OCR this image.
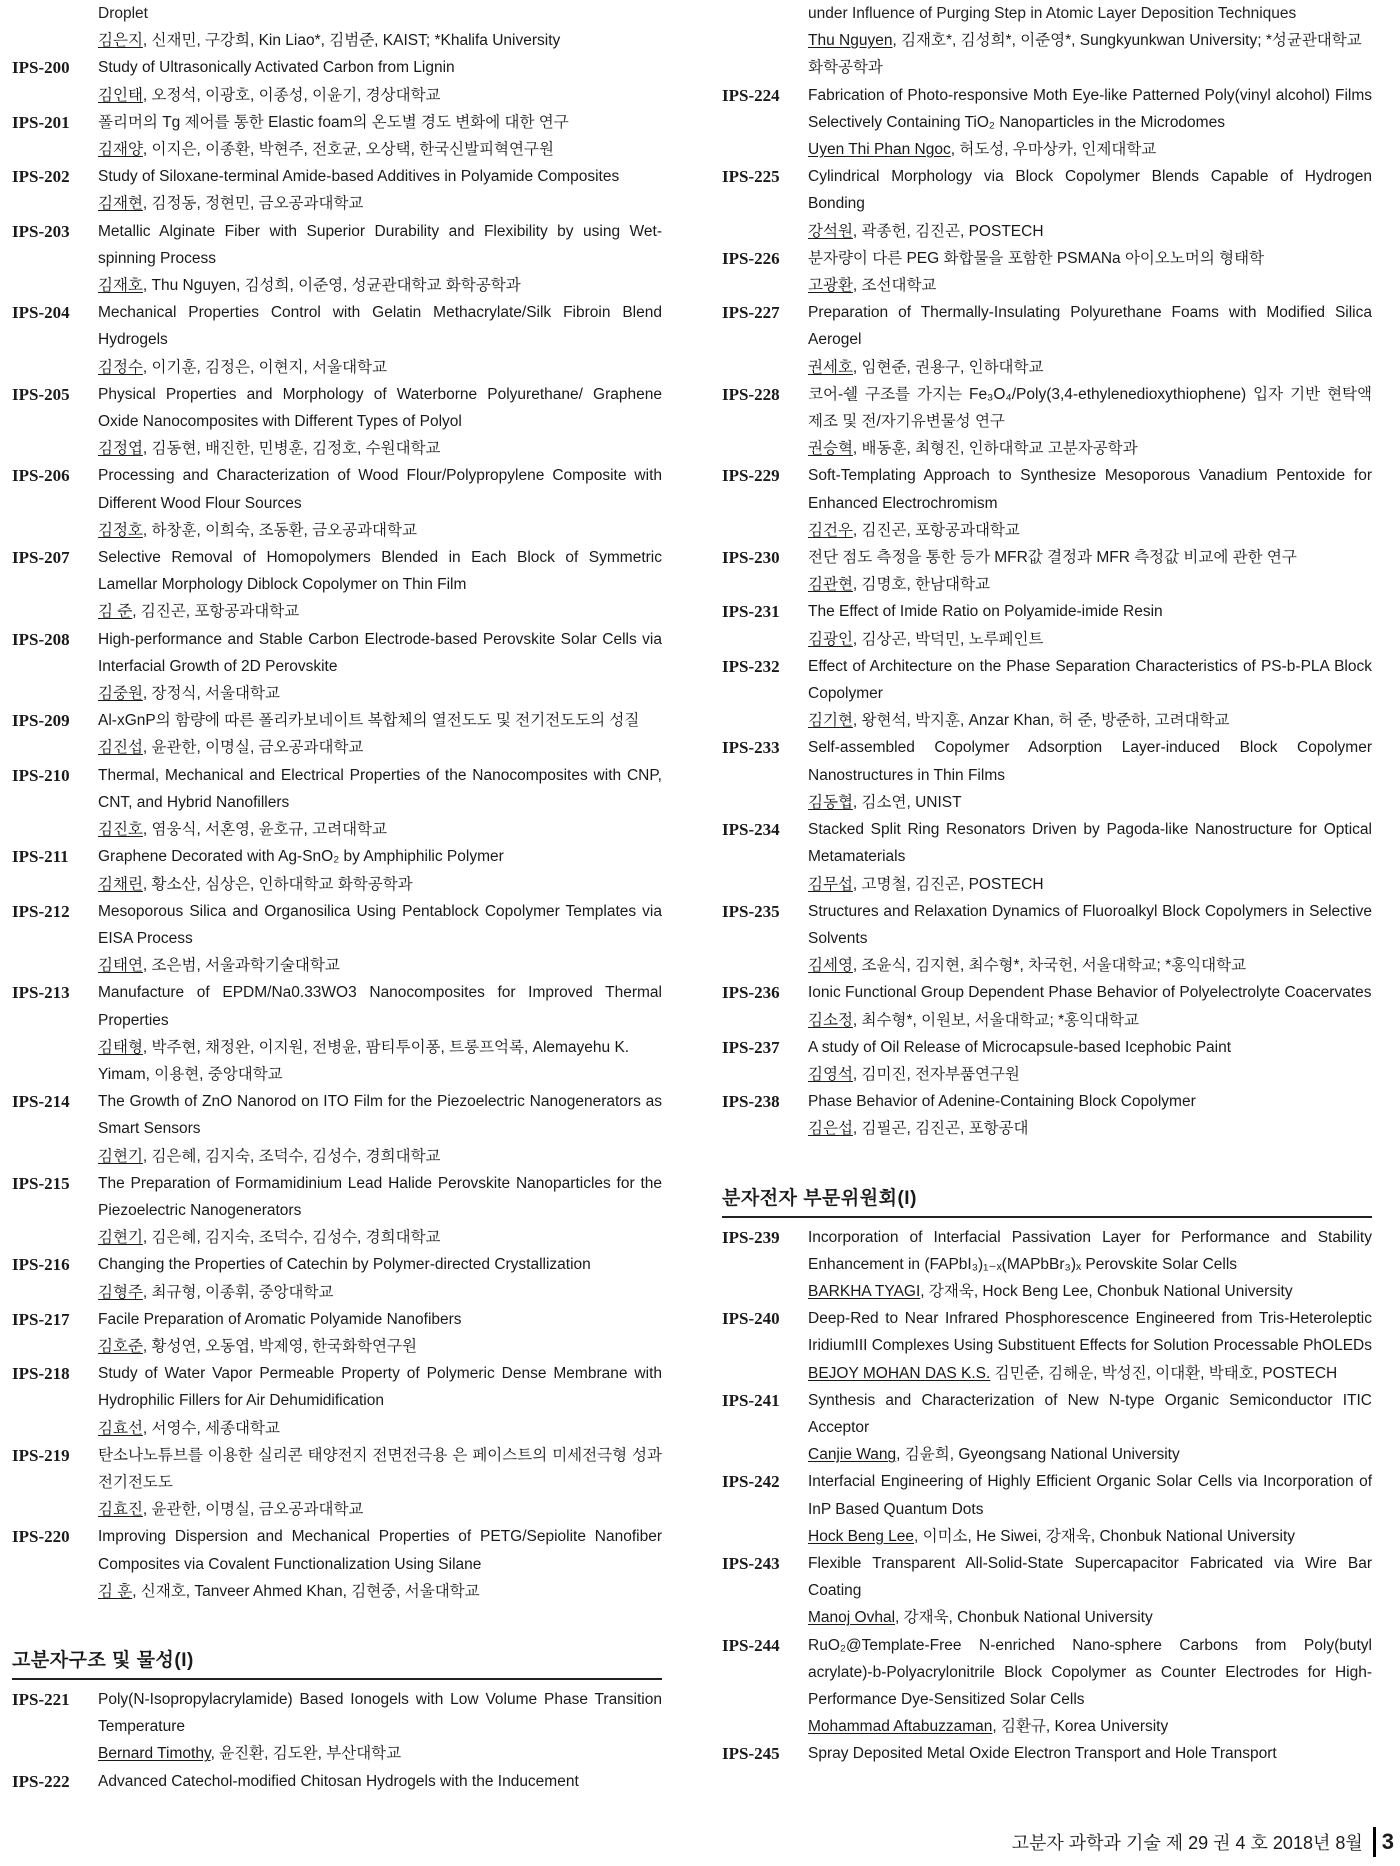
Droplet
김은지, 신재민, 구강희, Kin Liao*, 김범준, KAIST; *Khalifa University
IPS-200	Study of Ultrasonically Activated Carbon from Lignin
김인태, 오정석, 이광호, 이종성, 이윤기, 경상대학교
IPS-201	폴리머의 Tg 제어를 통한 Elastic foam의 온도별 경도 변화에 대한 연구
김재양, 이지은, 이종환, 박현주, 전호균, 오상택, 한국신발피혁연구원
IPS-202	Study of Siloxane-terminal Amide-based Additives in Polyamide Composites
김재현, 김정동, 정현민, 금오공과대학교
IPS-203	Metallic Alginate Fiber with Superior Durability and Flexibility by using Wet-spinning Process
김재호, Thu Nguyen, 김성희, 이준영, 성균관대학교 화학공학과
IPS-204	Mechanical Properties Control with Gelatin Methacrylate/Silk Fibroin Blend Hydrogels
김정수, 이기훈, 김정은, 이현지, 서울대학교
IPS-205	Physical Properties and Morphology of Waterborne Polyurethane/ Graphene Oxide Nanocomposites with Different Types of Polyol
김정엽, 김동현, 배진한, 민병훈, 김정호, 수원대학교
IPS-206	Processing and Characterization of Wood Flour/Polypropylene Composite with Different Wood Flour Sources
김정호, 하창훈, 이희숙, 조동환, 금오공과대학교
IPS-207	Selective Removal of Homopolymers Blended in Each Block of Symmetric Lamellar Morphology Diblock Copolymer on Thin Film
김 준, 김진곤, 포항공과대학교
IPS-208	High-performance and Stable Carbon Electrode-based Perovskite Solar Cells via Interfacial Growth of 2D Perovskite
김중원, 장정식, 서울대학교
IPS-209	Al-xGnP의 함량에 따른 폴리카보네이트 복합체의 열전도도 및 전기전도도의 성질
김진섭, 윤관한, 이명실, 금오공과대학교
IPS-210	Thermal, Mechanical and Electrical Properties of the Nanocomposites with CNP, CNT, and Hybrid Nanofillers
김진호, 염웅식, 서혼영, 윤호규, 고려대학교
IPS-211	Graphene Decorated with Ag-SnO₂ by Amphiphilic Polymer
김채린, 황소산, 심상은, 인하대학교 화학공학과
IPS-212	Mesoporous Silica and Organosilica Using Pentablock Copolymer Templates via EISA Process
김태연, 조은범, 서울과학기술대학교
IPS-213	Manufacture of EPDM/Na0.33WO3 Nanocomposites for Improved Thermal Properties
김태형, 박주현, 채정완, 이지원, 전병윤, 팜티투이퐁, 트롱프억록, Alemayehu K. Yimam, 이용현, 중앙대학교
IPS-214	The Growth of ZnO Nanorod on ITO Film for the Piezoelectric Nanogenerators as Smart Sensors
김현기, 김은혜, 김지숙, 조덕수, 김성수, 경희대학교
IPS-215	The Preparation of Formamidinium Lead Halide Perovskite Nanoparticles for the Piezoelectric Nanogenerators
김현기, 김은혜, 김지숙, 조덕수, 김성수, 경희대학교
IPS-216	Changing the Properties of Catechin by Polymer-directed Crystallization
김형주, 최규형, 이종휘, 중앙대학교
IPS-217	Facile Preparation of Aromatic Polyamide Nanofibers
김호준, 황성연, 오동엽, 박제영, 한국화학연구원
IPS-218	Study of Water Vapor Permeable Property of Polymeric Dense Membrane with Hydrophilic Fillers for Air Dehumidification
김효선, 서영수, 세종대학교
IPS-219	탄소나노튜브를 이용한 실리콘 태양전지 전면전극용 은 페이스트의 미세전극형 성과 전기전도도
김효진, 윤관한, 이명실, 금오공과대학교
IPS-220	Improving Dispersion and Mechanical Properties of PETG/Sepiolite Nanofiber Composites via Covalent Functionalization Using Silane
김 훈, 신재호, Tanveer Ahmed Khan, 김현중, 서울대학교
고분자구조 및 물성(I)
IPS-221	Poly(N-Isopropylacrylamide) Based Ionogels with Low Volume Phase Transition Temperature
Bernard Timothy, 윤진환, 김도완, 부산대학교
IPS-222	Advanced Catechol-modified Chitosan Hydrogels with the Inducement
under Influence of Purging Step in Atomic Layer Deposition Techniques
Thu Nguyen, 김재호*, 김성희*, 이준영*, Sungkyunkwan University; *성균관대학교 화학공학과
IPS-224	Fabrication of Photo-responsive Moth Eye-like Patterned Poly(vinyl alcohol) Films Selectively Containing TiO₂ Nanoparticles in the Microdomes
Uyen Thi Phan Ngoc, 허도성, 우마상카, 인제대학교
IPS-225	Cylindrical Morphology via Block Copolymer Blends Capable of Hydrogen Bonding
강석원, 곽종헌, 김진곤, POSTECH
IPS-226	분자량이 다른 PEG 화합물을 포함한 PSMANa 아이오노머의 형태학
고광환, 조선대학교
IPS-227	Preparation of Thermally-Insulating Polyurethane Foams with Modified Silica Aerogel
권세호, 임현준, 권용구, 인하대학교
IPS-228	코어-쉘 구조를 가지는 Fe₃O₄/Poly(3,4-ethylenedioxythiophene) 입자 기반 현탁액 제조 및 전/자기유변물성 연구
권승혁, 배동훈, 최형진, 인하대학교 고분자공학과
IPS-229	Soft-Templating Approach to Synthesize Mesoporous Vanadium Pentoxide for Enhanced Electrochromism
김건우, 김진곤, 포항공과대학교
IPS-230	전단 점도 측정을 통한 등가 MFR값 결정과 MFR 측정값 비교에 관한 연구
김관현, 김명호, 한남대학교
IPS-231	The Effect of Imide Ratio on Polyamide-imide Resin
김광인, 김상곤, 박덕민, 노루페인트
IPS-232	Effect of Architecture on the Phase Separation Characteristics of PS-b-PLA Block Copolymer
김기현, 왕현석, 박지훈, Anzar Khan, 허 준, 방준하, 고려대학교
IPS-233	Self-assembled Copolymer Adsorption Layer-induced Block Copolymer Nanostructures in Thin Films
김동협, 김소연, UNIST
IPS-234	Stacked Split Ring Resonators Driven by Pagoda-like Nanostructure for Optical Metamaterials
김무섭, 고명철, 김진곤, POSTECH
IPS-235	Structures and Relaxation Dynamics of Fluoroalkyl Block Copolymers in Selective Solvents
김세영, 조윤식, 김지현, 최수형*, 차국헌, 서울대학교; *홍익대학교
IPS-236	Ionic Functional Group Dependent Phase Behavior of Polyelectrolyte Coacervates
김소정, 최수형*, 이원보, 서울대학교; *홍익대학교
IPS-237	A study of Oil Release of Microcapsule-based Icephobic Paint
김영석, 김미진, 전자부품연구원
IPS-238	Phase Behavior of Adenine-Containing Block Copolymer
김은섭, 김필곤, 김진곤, 포항공대
분자전자 부문위원회(I)
IPS-239	Incorporation of Interfacial Passivation Layer for Performance and Stability Enhancement in (FAPbI₃)₁₋ₓ(MAPbBr₃)ₓ Perovskite Solar Cells
BARKHA TYAGI, 강재욱, Hock Beng Lee, Chonbuk National University
IPS-240	Deep-Red to Near Infrared Phosphorescence Engineered from Tris-Heteroleptic IridiumIII Complexes Using Substituent Effects for Solution Processable PhOLEDs
BEJOY MOHAN DAS K.S. 김민준, 김해운, 박성진, 이대환, 박태호, POSTECH
IPS-241	Synthesis and Characterization of New N-type Organic Semiconductor ITIC Acceptor
Canjie Wang, 김윤희, Gyeongsang National University
IPS-242	Interfacial Engineering of Highly Efficient Organic Solar Cells via Incorporation of InP Based Quantum Dots
Hock Beng Lee, 이미소, He Siwei, 강재욱, Chonbuk National University
IPS-243	Flexible Transparent All-Solid-State Supercapacitor Fabricated via Wire Bar Coating
Manoj Ovhal, 강재욱, Chonbuk National University
IPS-244	RuO₂@Template-Free N-enriched Nano-sphere Carbons from Poly(butyl acrylate)-b-Polyacrylonitrile Block Copolymer as Counter Electrodes for High-Performance Dye-Sensitized Solar Cells
Mohammad Aftabuzzaman, 김환규, Korea University
IPS-245	Spray Deposited Metal Oxide Electron Transport and Hole Transport
고분자 과학과 기술 제 29 권 4 호 2018년 8월 3
